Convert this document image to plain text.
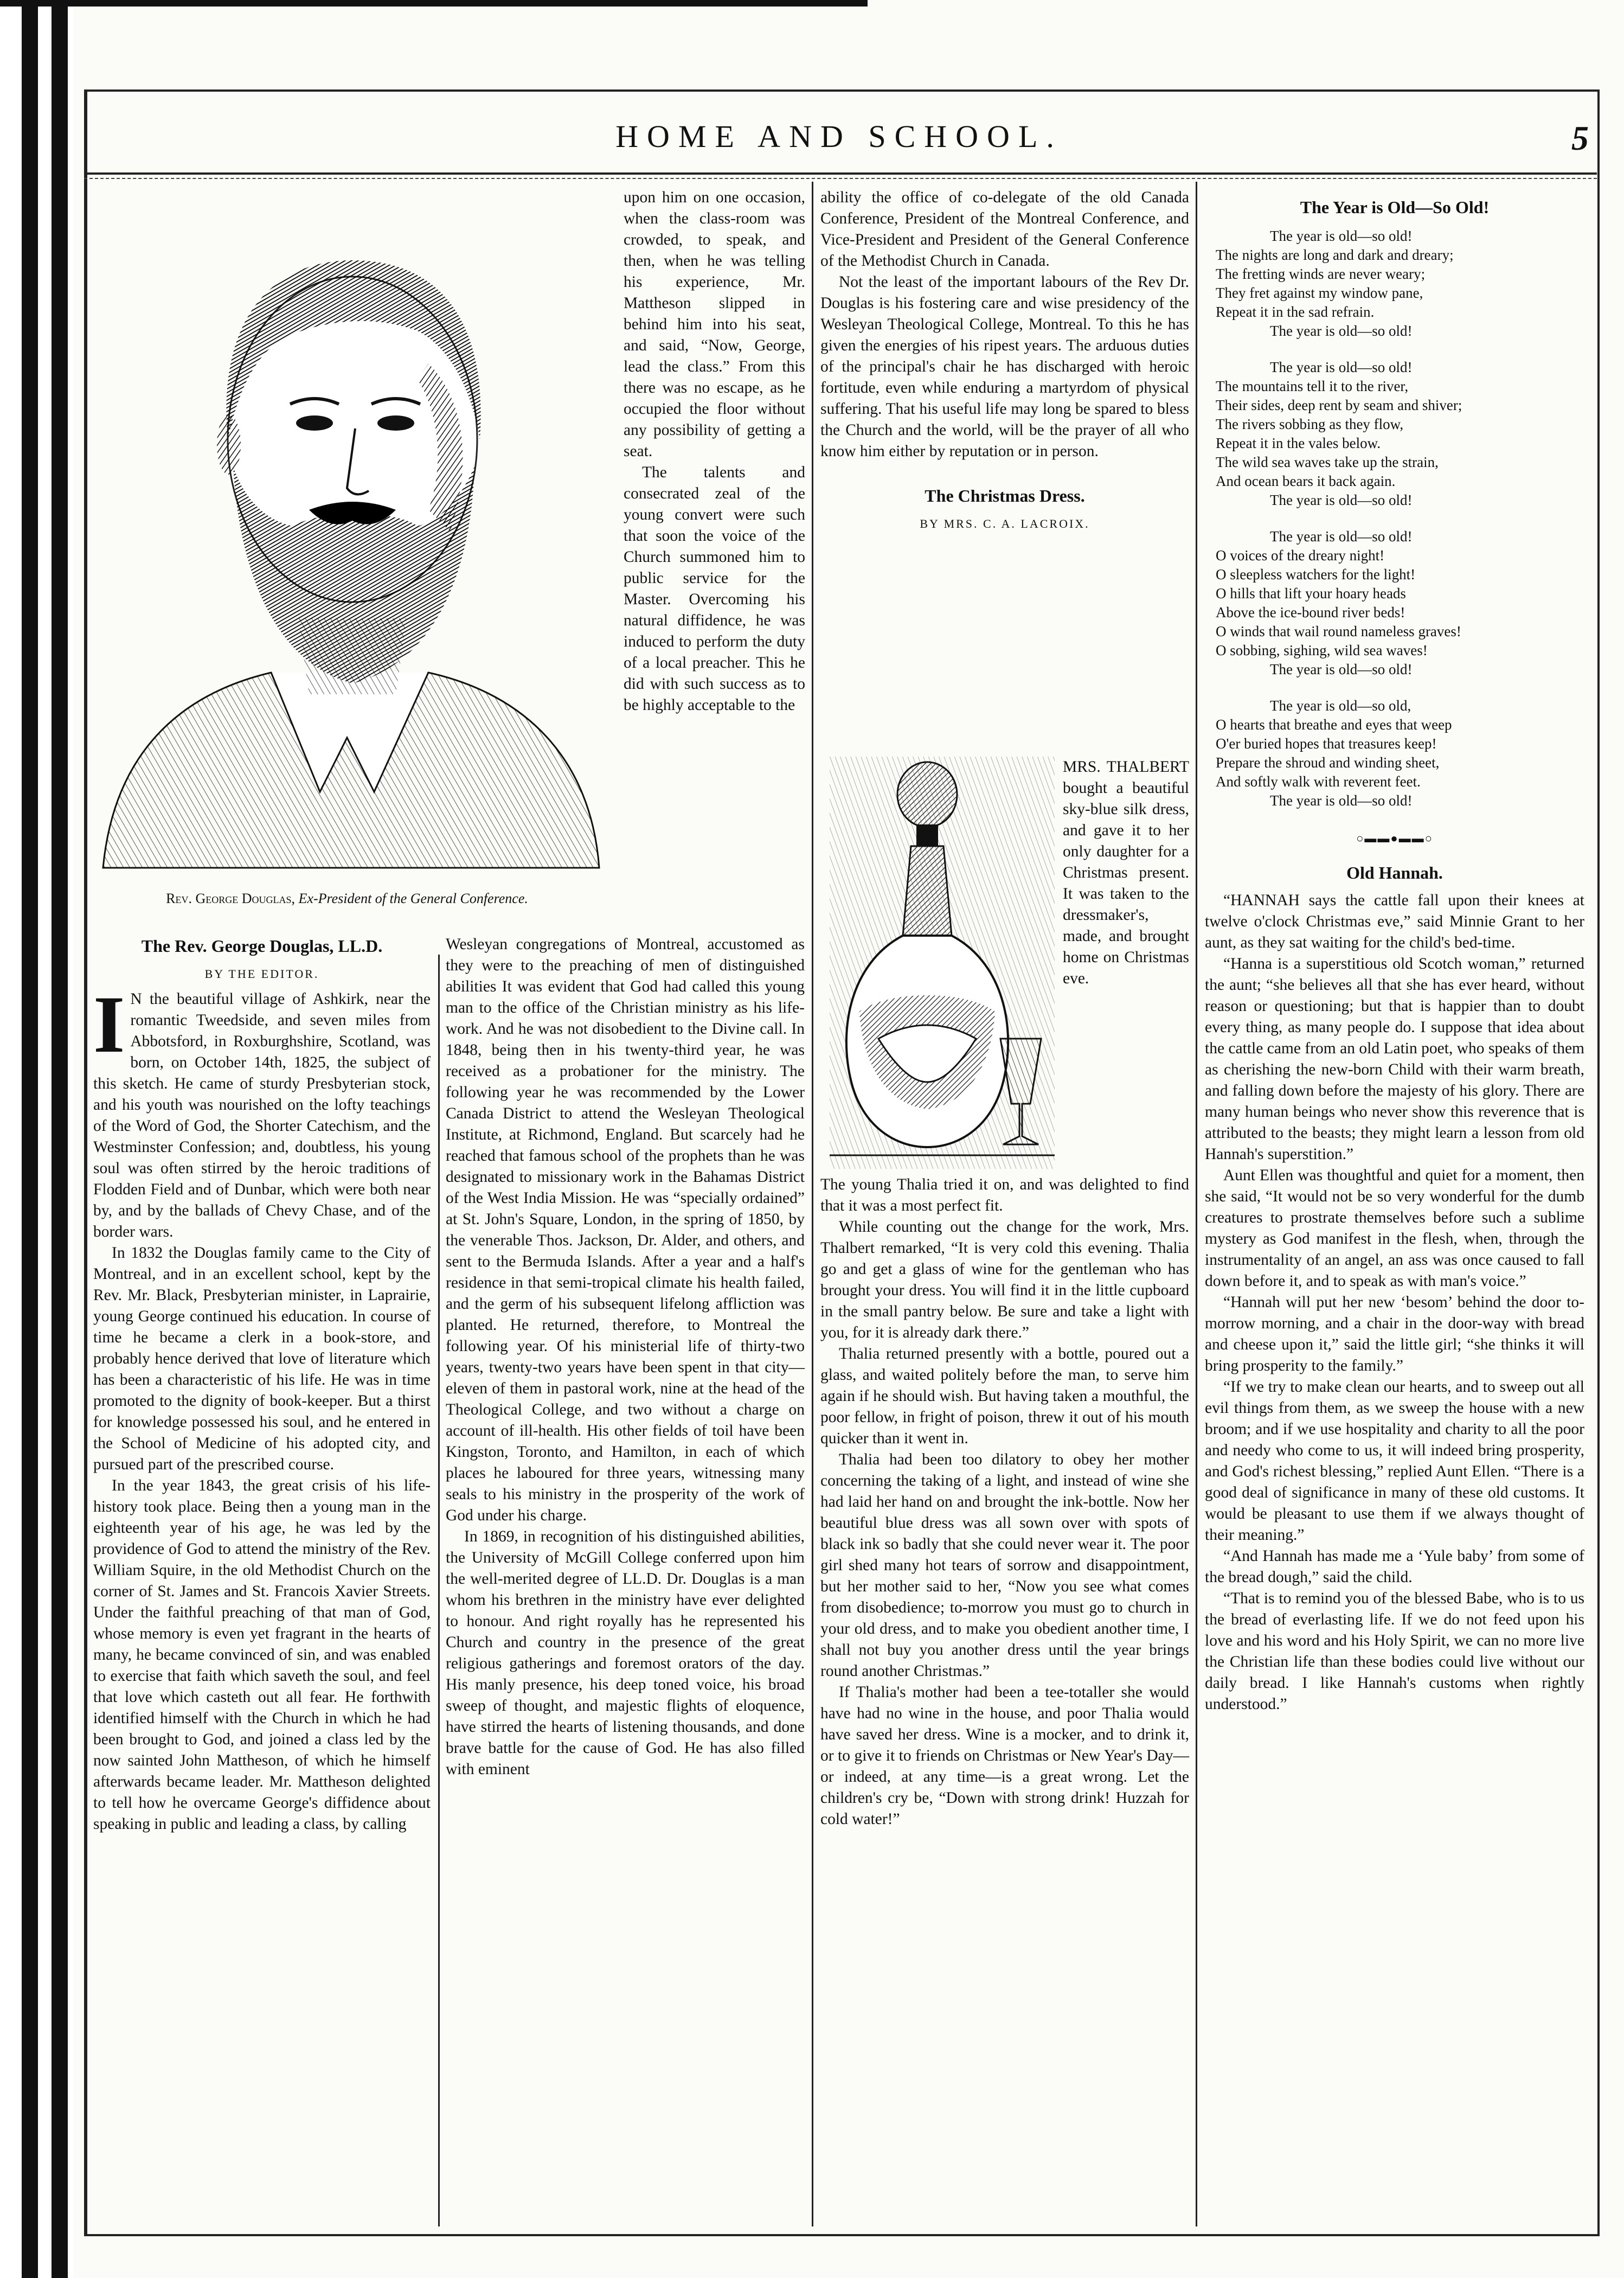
HOME AND SCHOOL.	5
Rev. George Douglas, Ex-President of the General Conference.
The Rev. George Douglas, LL.D.
BY THE EDITOR.

I N the beautiful village of Ashkirk, near the romantic Tweedside, and seven miles from Abbotsford, in Roxburghshire, Scotland, was born, on October 14th, 1825, the subject of this sketch. He came of sturdy Presbyterian stock, and his youth was nourished on the lofty teachings of the Word of God, the Shorter Catechism, and the Westminster Confession; and, doubtless, his young soul was often stirred by the heroic traditions of Flodden Field and of Dunbar, which were both near by, and by the ballads of Chevy Chase, and of the border wars.

In 1832 the Douglas family came to the City of Montreal, and in an excellent school, kept by the Rev. Mr. Black, Presbyterian minister, in Laprairie, young George continued his education. In course of time he became a clerk in a book-store, and probably hence derived that love of literature which has been a characteristic of his life. He was in time promoted to the dignity of book-keeper. But a thirst for knowledge possessed his soul, and he entered in the School of Medicine of his adopted city, and pursued part of the prescribed course.

In the year 1843, the great crisis of his life-history took place. Being then a young man in the eighteenth year of his age, he was led by the providence of God to attend the ministry of the Rev. William Squire, in the old Methodist Church on the corner of St. James and St. Francois Xavier Streets. Under the faithful preaching of that man of God, whose memory is even yet fragrant in the hearts of many, he became convinced of sin, and was enabled to exercise that faith which saveth the soul, and feel that love which casteth out all fear. He forthwith identified himself with the Church in which he had been brought to God, and joined a class led by the now sainted John Mattheson, of which he himself afterwards became leader. Mr. Mattheson delighted to tell how he overcame George's diffidence about speaking in public and leading a class, by calling

upon him on one occasion, when the class-room was crowded, to speak, and then, when he was telling his experience, Mr. Mattheson slipped in behind him into his seat, and said, “Now, George, lead the class.” From this there was no escape, as he occupied the floor without any possibility of getting a seat.

The talents and consecrated zeal of the young convert were such that soon the voice of the Church summoned him to public service for the Master. Overcoming his natural diffidence, he was induced to perform the duty of a local preacher. This he did with such success as to be highly acceptable to the

Wesleyan congregations of Montreal, accustomed as they were to the preaching of men of distinguished abilities It was evident that God had called this young man to the office of the Christian ministry as his life-work. And he was not disobedient to the Divine call. In 1848, being then in his twenty-third year, he was received as a probationer for the ministry. The following year he was recommended by the Lower Canada District to attend the Wesleyan Theological Institute, at Richmond, England. But scarcely had he reached that famous school of the prophets than he was designated to missionary work in the Bahamas District of the West India Mission. He was “specially ordained” at St. John's Square, London, in the spring of 1850, by the venerable Thos. Jackson, Dr. Alder, and others, and sent to the Bermuda Islands. After a year and a half's residence in that semi-tropical climate his health failed, and the germ of his subsequent lifelong affliction was planted. He returned, therefore, to Montreal the following year. Of his ministerial life of thirty-two years, twenty-two years have been spent in that city—eleven of them in pastoral work, nine at the head of the Theological College, and two without a charge on account of ill-health. His other fields of toil have been Kingston, Toronto, and Hamilton, in each of which places he laboured for three years, witnessing many seals to his ministry in the prosperity of the work of God under his charge.

In 1869, in recognition of his distinguished abilities, the University of McGill College conferred upon him the well-merited degree of LL.D. Dr. Douglas is a man whom his brethren in the ministry have ever delighted to honour. And right royally has he represented his Church and country in the presence of the great religious gatherings and foremost orators of the day. His manly presence, his deep toned voice, his broad sweep of thought, and majestic flights of eloquence, have stirred the hearts of listening thousands, and done brave battle for the cause of God. He has also filled with eminent

ability the office of co-delegate of the old Canada Conference, President of the Montreal Conference, and Vice-President and President of the General Conference of the Methodist Church in Canada.

Not the least of the important labours of the Rev Dr. Douglas is his fostering care and wise presidency of the Wesleyan Theological College, Montreal. To this he has given the energies of his ripest years. The arduous duties of the principal's chair he has discharged with heroic fortitude, even while enduring a martyrdom of physical suffering. That his useful life may long be spared to bless the Church and the world, will be the prayer of all who know him either by reputation or in person.

The Christmas Dress.
BY MRS. C. A. LACROIX.

MRS. THALBERT bought a beautiful sky-blue silk dress, and gave it to her only daughter for a Christmas present. It was taken to the dressmaker's, made, and brought home on Christmas eve.

The young Thalia tried it on, and was delighted to find that it was a most perfect fit.

While counting out the change for the work, Mrs. Thalbert remarked, “It is very cold this evening. Thalia go and get a glass of wine for the gentleman who has brought your dress. You will find it in the little cupboard in the small pantry below. Be sure and take a light with you, for it is already dark there.”

Thalia returned presently with a bottle, poured out a glass, and waited politely before the man, to serve him again if he should wish. But having taken a mouthful, the poor fellow, in fright of poison, threw it out of his mouth quicker than it went in.

Thalia had been too dilatory to obey her mother concerning the taking of a light, and instead of wine she had laid her hand on and brought the ink-bottle. Now her beautiful blue dress was all sown over with spots of black ink so badly that she could never wear it. The poor girl shed many hot tears of sorrow and disappointment, but her mother said to her, “Now you see what comes from disobedience; to-morrow you must go to church in your old dress, and to make you obedient another time, I shall not buy you another dress until the year brings round another Christmas.”

If Thalia's mother had been a tee-totaller she would have had no wine in the house, and poor Thalia would have saved her dress. Wine is a mocker, and to drink it, or to give it to friends on Christmas or New Year's Day—or indeed, at any time—is a great wrong. Let the children's cry be, “Down with strong drink! Huzzah for cold water!”

The Year is Old—So Old!
The year is old—so old!
The nights are long and dark and dreary;
The fretting winds are never weary;
They fret against my window pane,
Repeat it in the sad refrain.
The year is old—so old!
The year is old—so old!
The mountains tell it to the river,
Their sides, deep rent by seam and shiver;
The rivers sobbing as they flow,
Repeat it in the vales below.
The wild sea waves take up the strain,
And ocean bears it back again.
The year is old—so old!
The year is old—so old!
O voices of the dreary night!
O sleepless watchers for the light!
O hills that lift your hoary heads
Above the ice-bound river beds!
O winds that wail round nameless graves!
O sobbing, sighing, wild sea waves!
The year is old—so old!
The year is old—so old,
O hearts that breathe and eyes that weep
O'er buried hopes that treasures keep!
Prepare the shroud and winding sheet,
And softly walk with reverent feet.
The year is old—so old!
○▬▬●▬▬○
Old Hannah.

“HANNAH says the cattle fall upon their knees at twelve o'clock Christmas eve,” said Minnie Grant to her aunt, as they sat waiting for the child's bed-time.

“Hanna is a superstitious old Scotch woman,” returned the aunt; “she believes all that she has ever heard, without reason or questioning; but that is happier than to doubt every thing, as many people do. I suppose that idea about the cattle came from an old Latin poet, who speaks of them as cherishing the new-born Child with their warm breath, and falling down before the majesty of his glory. There are many human beings who never show this reverence that is attributed to the beasts; they might learn a lesson from old Hannah's superstition.”

Aunt Ellen was thoughtful and quiet for a moment, then she said, “It would not be so very wonderful for the dumb creatures to prostrate themselves before such a sublime mystery as God manifest in the flesh, when, through the instrumentality of an angel, an ass was once caused to fall down before it, and to speak as with man's voice.”

“Hannah will put her new ‘besom’ behind the door to-morrow morning, and a chair in the door-way with bread and cheese upon it,” said the little girl; “she thinks it will bring prosperity to the family.”

“If we try to make clean our hearts, and to sweep out all evil things from them, as we sweep the house with a new broom; and if we use hospitality and charity to all the poor and needy who come to us, it will indeed bring prosperity, and God's richest blessing,” replied Aunt Ellen. “There is a good deal of significance in many of these old customs. It would be pleasant to use them if we always thought of their meaning.”

“And Hannah has made me a ‘Yule baby’ from some of the bread dough,” said the child.

“That is to remind you of the blessed Babe, who is to us the bread of everlasting life. If we do not feed upon his love and his word and his Holy Spirit, we can no more live the Christian life than these bodies could live without our daily bread. I like Hannah's customs when rightly understood.”
